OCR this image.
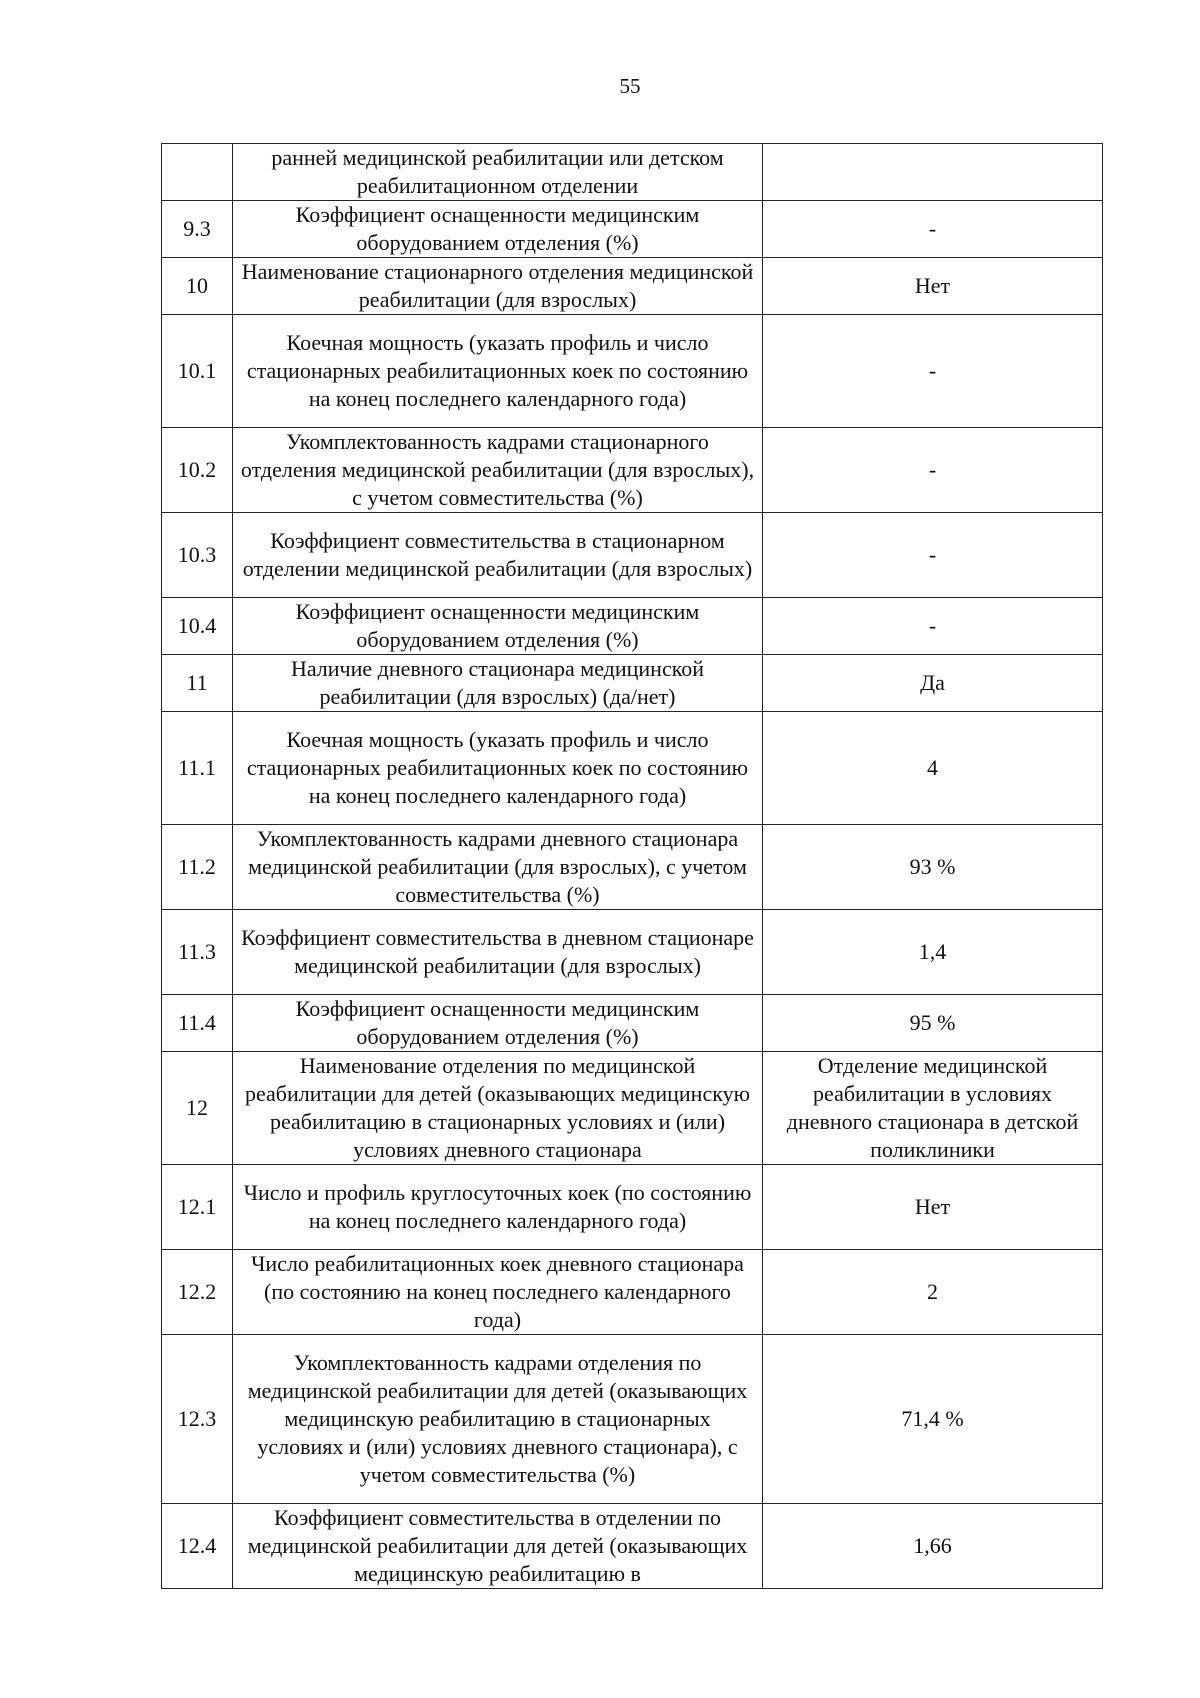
55

	ранней медицинской реабилитации или детском реабилитационном отделении	

9.3	Коэффициент оснащенности медицинским оборудованием отделения (%)	-
10	Наименование стационарного отделения медицинской реабилитации (для взрослых)	Нет
10.1	Коечная мощность (указать профиль и число стационарных реабилитационных коек по состоянию на конец последнего календарного года)	-
10.2	Укомплектованность кадрами стационарного отделения медицинской реабилитации (для взрослых), с учетом совместительства (%)	-
10.3	Коэффициент совместительства в стационарном отделении медицинской реабилитации (для взрослых)	-
10.4	Коэффициент оснащенности медицинским оборудованием отделения (%)	-
11	Наличие дневного стационара медицинской реабилитации (для взрослых) (да/нет)	Да
11.1	Коечная мощность (указать профиль и число стационарных реабилитационных коек по состоянию на конец последнего календарного года)	4
11.2	Укомплектованность кадрами дневного стационара медицинской реабилитации (для взрослых), с учетом совместительства (%)	93 %
11.3	Коэффициент совместительства в дневном стационаре медицинской реабилитации (для взрослых)	1,4
11.4	Коэффициент оснащенности медицинским оборудованием отделения (%)	95 %
12	Наименование отделения по медицинской реабилитации для детей (оказывающих медицинскую реабилитацию в стационарных условиях и (или) условиях дневного стационара	Отделение медицинской реабилитации в условиях дневного стационара в детской поликлиники

12.1	Число и профиль круглосуточных коек (по состоянию на конец последнего календарного года)	Нет
12.2	Число реабилитационных коек дневного стационара (по состоянию на конец последнего календарного года)	2
12.3	Укомплектованность кадрами отделения по медицинской реабилитации для детей (оказывающих медицинскую реабилитацию в стационарных условиях и (или) условиях дневного стационара), с учетом совместительства (%)	71,4 %
12.4	Коэффициент совместительства в отделении по медицинской реабилитации для детей (оказывающих медицинскую реабилитацию в	1,66
